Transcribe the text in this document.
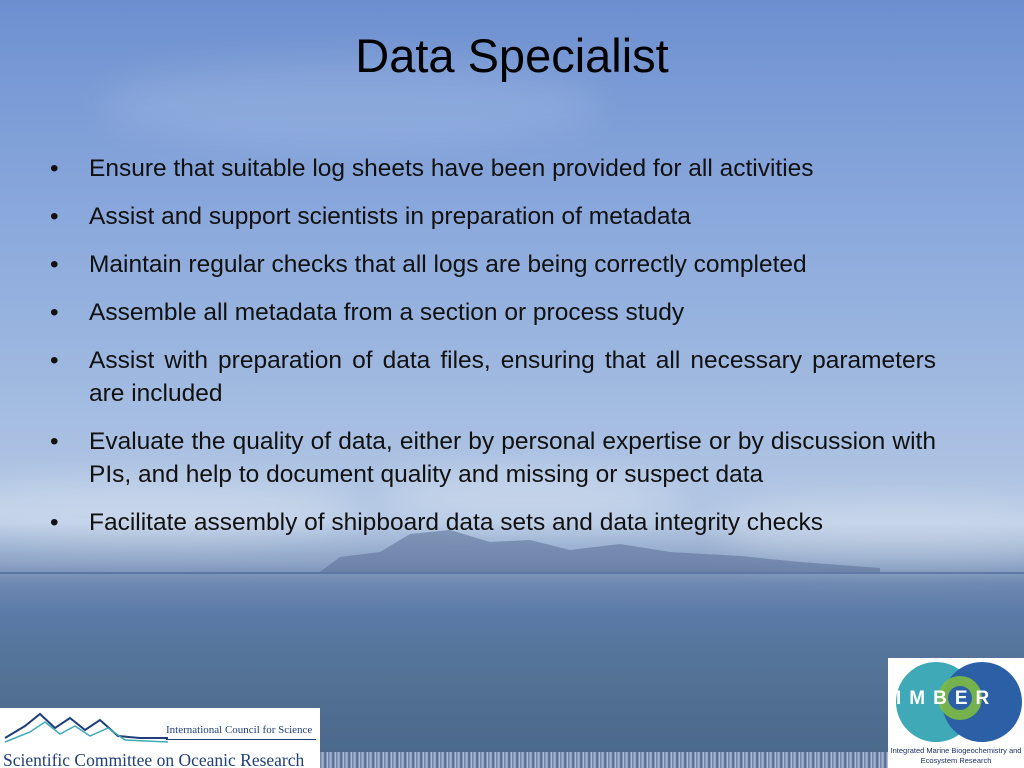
Data Specialist
• Ensure that suitable log sheets have been provided for all activities
• Assist and support scientists in preparation of metadata
• Maintain regular checks that all logs are being correctly completed
• Assemble all metadata from a section or process study
• Assist with preparation of data files, ensuring that all necessary parameters are included
• Evaluate the quality of data, either by personal expertise or by discussion with PIs, and help to document quality and missing or suspect data
• Facilitate assembly of shipboard data sets and data integrity checks
International Council for Science
Scientific Committee on Oceanic Research
IMBER
Integrated Marine Biogeochemistry and
Ecosystem Research
